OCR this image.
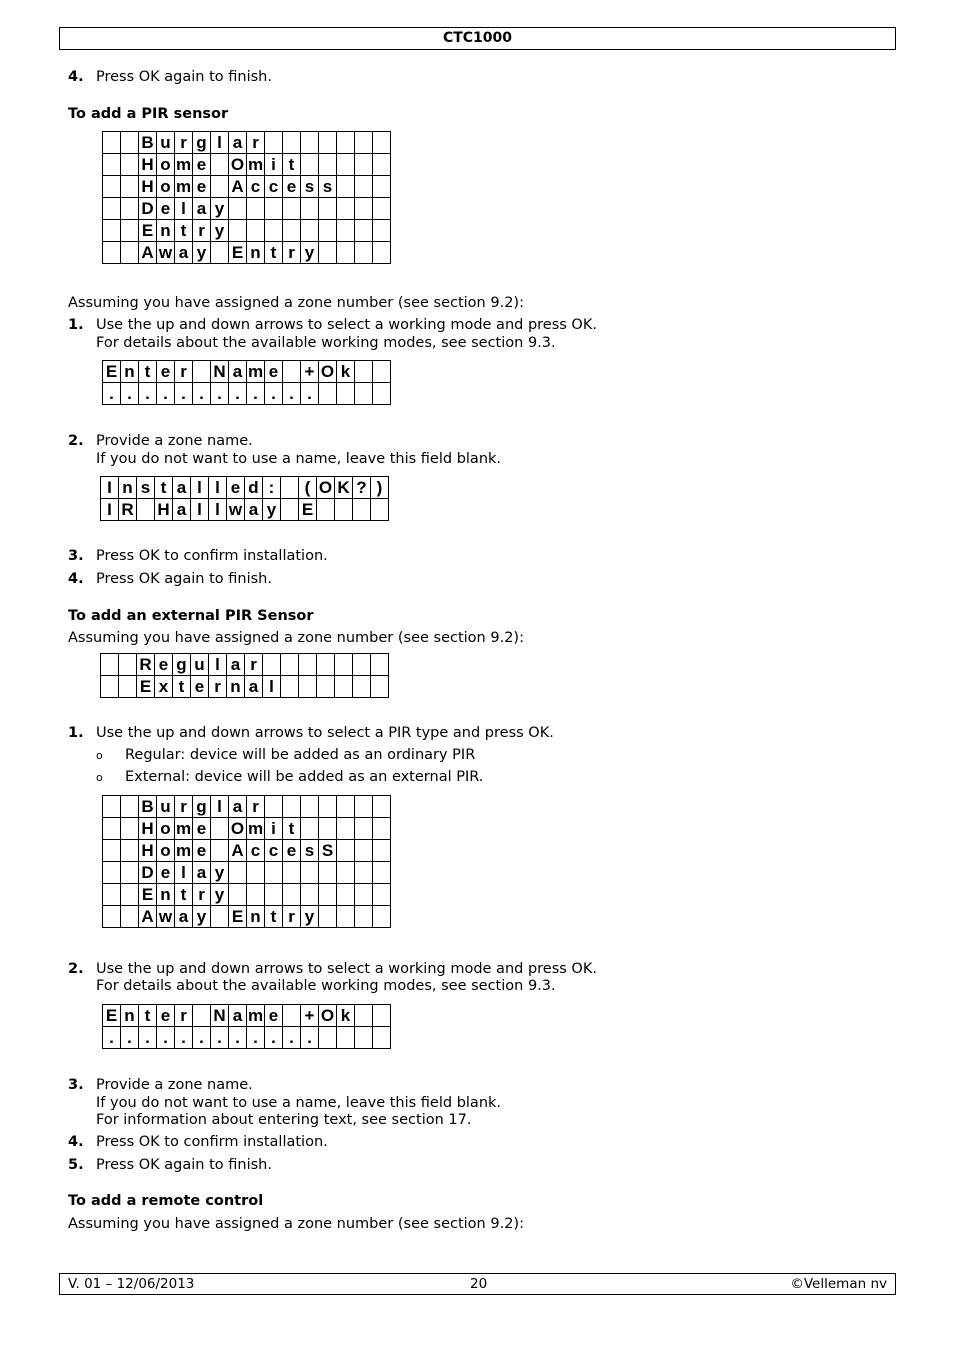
CTC1000
4. Press OK again to finish.
To add a PIR sensor
		B	u	r	g	l	a	r							
		H	o	m	e		O	m	i	t					
		H	o	m	e		A	c	c	e	s	s			
		D	e	l	a	y									
		E	n	t	r	y									
		A	w	a	y		E	n	t	r	y				
Assuming you have assigned a zone number (see section 9.2):
1. Use the up and down arrows to select a working mode and press OK.
For details about the available working modes, see section 9.3.
E	n	t	e	r		N	a	m	e		+	O	k		
.	.	.	.	.	.	.	.	.	.	.	.				
2. Provide a zone name.
If you do not want to use a name, leave this field blank.
I	n	s	t	a	l	l	e	d	:		(	O	K	?	)
I	R		H	a	l	l	w	a	y		E				
3. Press OK to confirm installation.
4. Press OK again to finish.
To add an external PIR Sensor
Assuming you have assigned a zone number (see section 9.2):
		R	e	g	u	l	a	r							
		E	x	t	e	r	n	a	l						
1. Use the up and down arrows to select a PIR type and press OK.
o Regular: device will be added as an ordinary PIR
o External: device will be added as an external PIR.
		B	u	r	g	l	a	r							
		H	o	m	e		O	m	i	t					
		H	o	m	e		A	c	c	e	s	S			
		D	e	l	a	y									
		E	n	t	r	y									
		A	w	a	y		E	n	t	r	y				
2. Use the up and down arrows to select a working mode and press OK.
For details about the available working modes, see section 9.3.
E	n	t	e	r		N	a	m	e		+	O	k		
.	.	.	.	.	.	.	.	.	.	.	.				
3. Provide a zone name.
If you do not want to use a name, leave this field blank.
For information about entering text, see section 17.
4. Press OK to confirm installation.
5. Press OK again to finish.
To add a remote control
Assuming you have assigned a zone number (see section 9.2):
V. 01 – 12/06/2013	20	©Velleman nv
